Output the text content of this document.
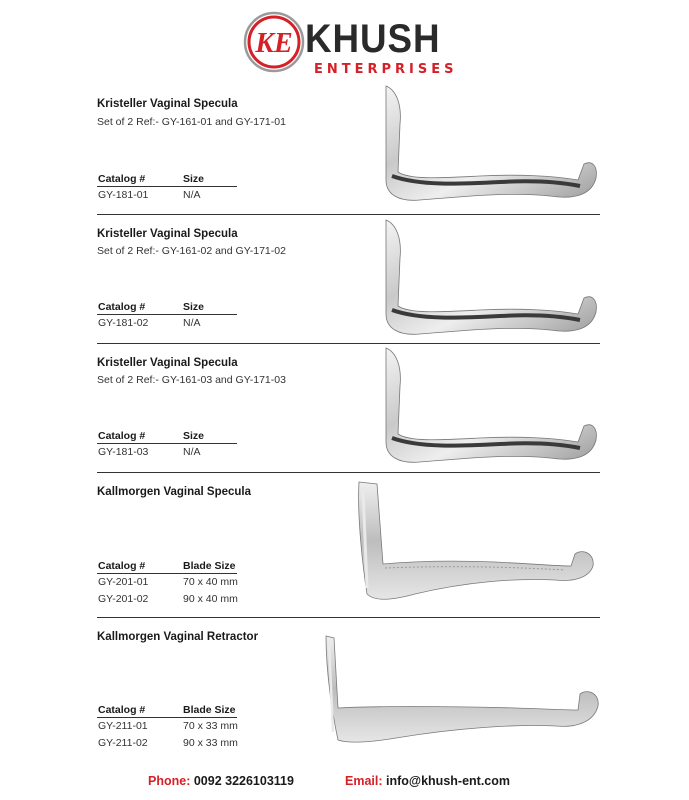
KE KHUSH
ENTERPRISES
Kristeller Vaginal Specula
Set of 2 Ref:- GY-161-01 and GY-171-01
Catalog #	Size
GY-181-01	N/A
Kristeller Vaginal Specula
Set of 2 Ref:- GY-161-02 and GY-171-02
Catalog #	Size
GY-181-02	N/A
Kristeller Vaginal Specula
Set of 2 Ref:- GY-161-03 and GY-171-03
Catalog #	Size
GY-181-03	N/A
Kallmorgen Vaginal Specula
Catalog #	Blade Size
GY-201-01	70 x 40 mm
GY-201-02	90 x 40 mm
Kallmorgen Vaginal Retractor
Catalog #	Blade Size
GY-211-01	70 x 33 mm
GY-211-02	90 x 33 mm
Phone: 0092 3226103119	Email: info@khush-ent.com
